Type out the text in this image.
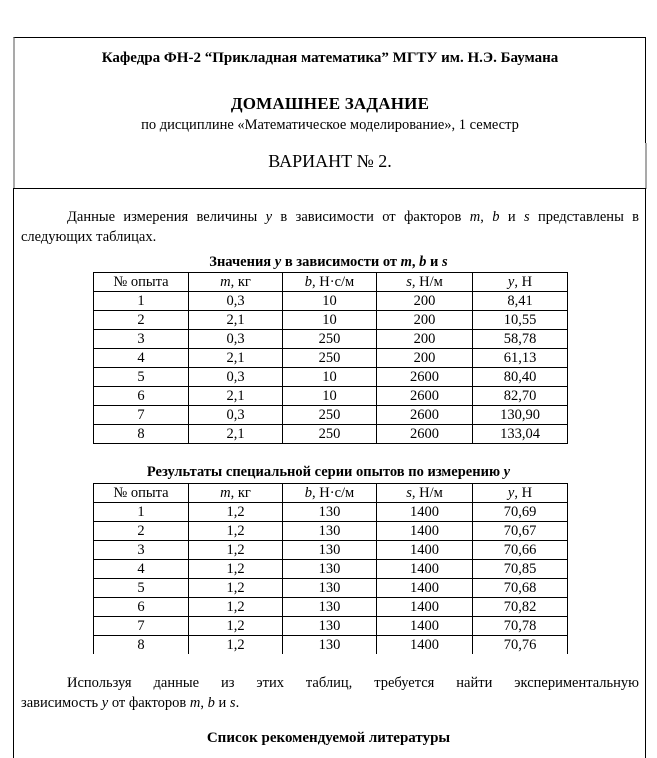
Кафедра ФН-2 “Прикладная математика” МГТУ им. Н.Э. Баумана
ДОМАШНЕЕ ЗАДАНИЕ
по дисциплине «Математическое моделирование», 1 семестр
ВАРИАНТ № 2.
Данные измерения величины y в зависимости от факторов m, b и s представлены в следующих таблицах.
Значения y в зависимости от m, b и s
№ опыта	m, кг	b, Н·с/м	s, Н/м	y, Н
1	0,3	10	200	8,41
2	2,1	10	200	10,55
3	0,3	250	200	58,78
4	2,1	250	200	61,13
5	0,3	10	2600	80,40
6	2,1	10	2600	82,70
7	0,3	250	2600	130,90
8	2,1	250	2600	133,04
Результаты специальной серии опытов по измерению y
№ опыта	m, кг	b, Н·с/м	s, Н/м	y, Н
1	1,2	130	1400	70,69
2	1,2	130	1400	70,67
3	1,2	130	1400	70,66
4	1,2	130	1400	70,85
5	1,2	130	1400	70,68
6	1,2	130	1400	70,82
7	1,2	130	1400	70,78
8	1,2	130	1400	70,76
Используя данные из этих таблиц, требуется найти экспериментальную
зависимость y от факторов m, b и s.
Список рекомендуемой литературы
